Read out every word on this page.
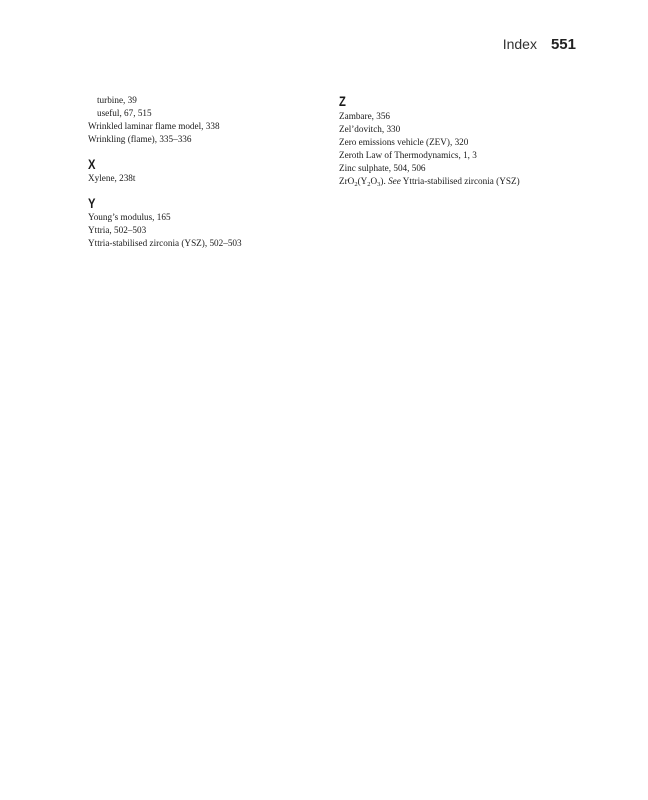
Index 551
turbine, 39
useful, 67, 515
Wrinkled laminar flame model, 338
Wrinkling (flame), 335–336
X
Xylene, 238t
Y
Young’s modulus, 165
Yttria, 502–503
Yttria-stabilised zirconia (YSZ), 502–503
Z
Zambare, 356
Zel’dovitch, 330
Zero emissions vehicle (ZEV), 320
Zeroth Law of Thermodynamics, 1, 3
Zinc sulphate, 504, 506
$ZrO_2(Y_2O_3)$. See Yttria-stabilised zirconia (YSZ)
